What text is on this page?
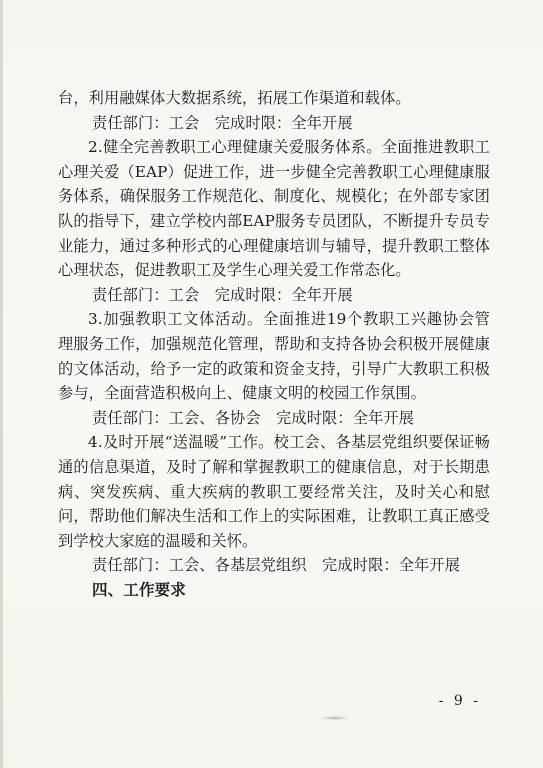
台，利用融媒体大数据系统，拓展工作渠道和载体。

责任部门：工会　完成时限：全年开展

2.健全完善教职工心理健康关爱服务体系。全面推进教职工心理关爱（EAP）促进工作，进一步健全完善教职工心理健康服务体系，确保服务工作规范化、制度化、规模化；在外部专家团队的指导下，建立学校内部EAP服务专员团队，不断提升专员专业能力，通过多种形式的心理健康培训与辅导，提升教职工整体心理状态，促进教职工及学生心理关爱工作常态化。

责任部门：工会　完成时限：全年开展

3.加强教职工文体活动。全面推进19个教职工兴趣协会管理服务工作，加强规范化管理，帮助和支持各协会积极开展健康的文体活动，给予一定的政策和资金支持，引导广大教职工积极参与，全面营造积极向上、健康文明的校园工作氛围。

责任部门：工会、各协会　完成时限：全年开展

4.及时开展“送温暖”工作。校工会、各基层党组织要保证畅通的信息渠道，及时了解和掌握教职工的健康信息，对于长期患病、突发疾病、重大疾病的教职工要经常关注，及时关心和慰问，帮助他们解决生活和工作上的实际困难，让教职工真正感受到学校大家庭的温暖和关怀。

责任部门：工会、各基层党组织　完成时限：全年开展

四、工作要求

- 9 -
